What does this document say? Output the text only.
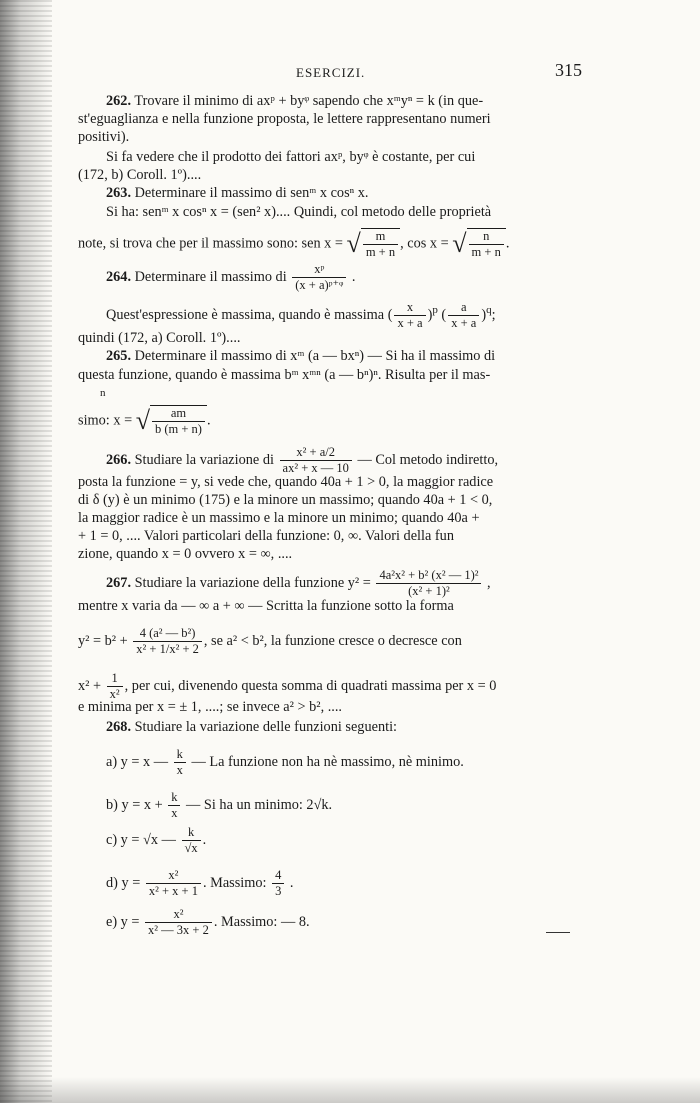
ESERCIZI.	315
262. Trovare il minimo di axᵖ + byᵠ sapendo che xᵐyⁿ = k (in que-
st'eguaglianza e nella funzione proposta, le lettere rappresentano numeri
positivi).
Si fa vedere che il prodotto dei fattori axᵖ, byᵠ è costante, per cui
(172, b) Coroll. 1º)....
263. Determinare il massimo di senᵐ x cosⁿ x.
Si ha: senᵐ x cosⁿ x = (sen² x).... Quindi, col metodo delle proprietà
note, si trova che per il massimo sono: sen x = √ $\frac{m}{m + n}$ , cos x = √ $\frac{n}{m + n}$ .
264. Determinare il massimo di $\frac{\text{xᵖ}}{\text{(x + a)ᵖ⁺ᵠ}}$ .
Quest'espressione è massima, quando è massima ( $\frac{x}{x + a} )^p$ ( $\frac{a}{x + a} )^q$;
quindi (172, a) Coroll. 1º)....
265. Determinare il massimo di xᵐ (a — bxⁿ) — Si ha il massimo di
questa funzione, quando è massima bᵐ xᵐⁿ (a — bⁿ)ⁿ. Risulta per il mas-
n
simo: x = √ $\frac{am}{b (m + n)}$ .
266. Studiare la variazione di $\frac{\text{x² + a/2}}{\text{ax² + x — 10}}$ — Col metodo indiretto,
posta la funzione = y, si vede che, quando 40a + 1 > 0, la maggior radice
di δ (y) è un minimo (175) e la minore un massimo; quando 40a + 1 < 0,
la maggior radice è un massimo e la minore un minimo; quando 40a +
+ 1 = 0, .... Valori particolari della funzione: 0, ∞. Valori della fun
zione, quando x = 0 ovvero x = ∞, ....
267. Studiare la variazione della funzione $y^2 = \frac{\text{4a²x² + b² (x² — 1)²}}{\text{(x² + 1)²}}$ ,
mentre x varia da — ∞ a + ∞ — Scritta la funzione sotto la forma
$y^2 = b^2 + \frac{\text{4 (a² — b²)}}{\text{x² + 1/x² + 2}}$ , se a² < b², la funzione cresce o decresce con
$x^2 + \frac{1}{\text{x²}}$ , per cui, divenendo questa somma di quadrati massima per x = 0
e minima per x = ± 1, ....; se invece a² > b², ....
268. Studiare la variazione delle funzioni seguenti:
a) y = x — $\frac{k}{x}$ — La funzione non ha nè massimo, nè minimo.
b) $y = x + \frac{k}{x}$ — Si ha un minimo: 2√k.
c) y = √x — $\frac{k}{√x}$ .
d) $y = \frac{\text{x²}}{\text{x² + x + 1}}$ . Massimo: $\frac{4}{3}$ .
e) $y = \frac{\text{x²}}{\text{x² — 3x + 2}}$ . Massimo: — 8.
